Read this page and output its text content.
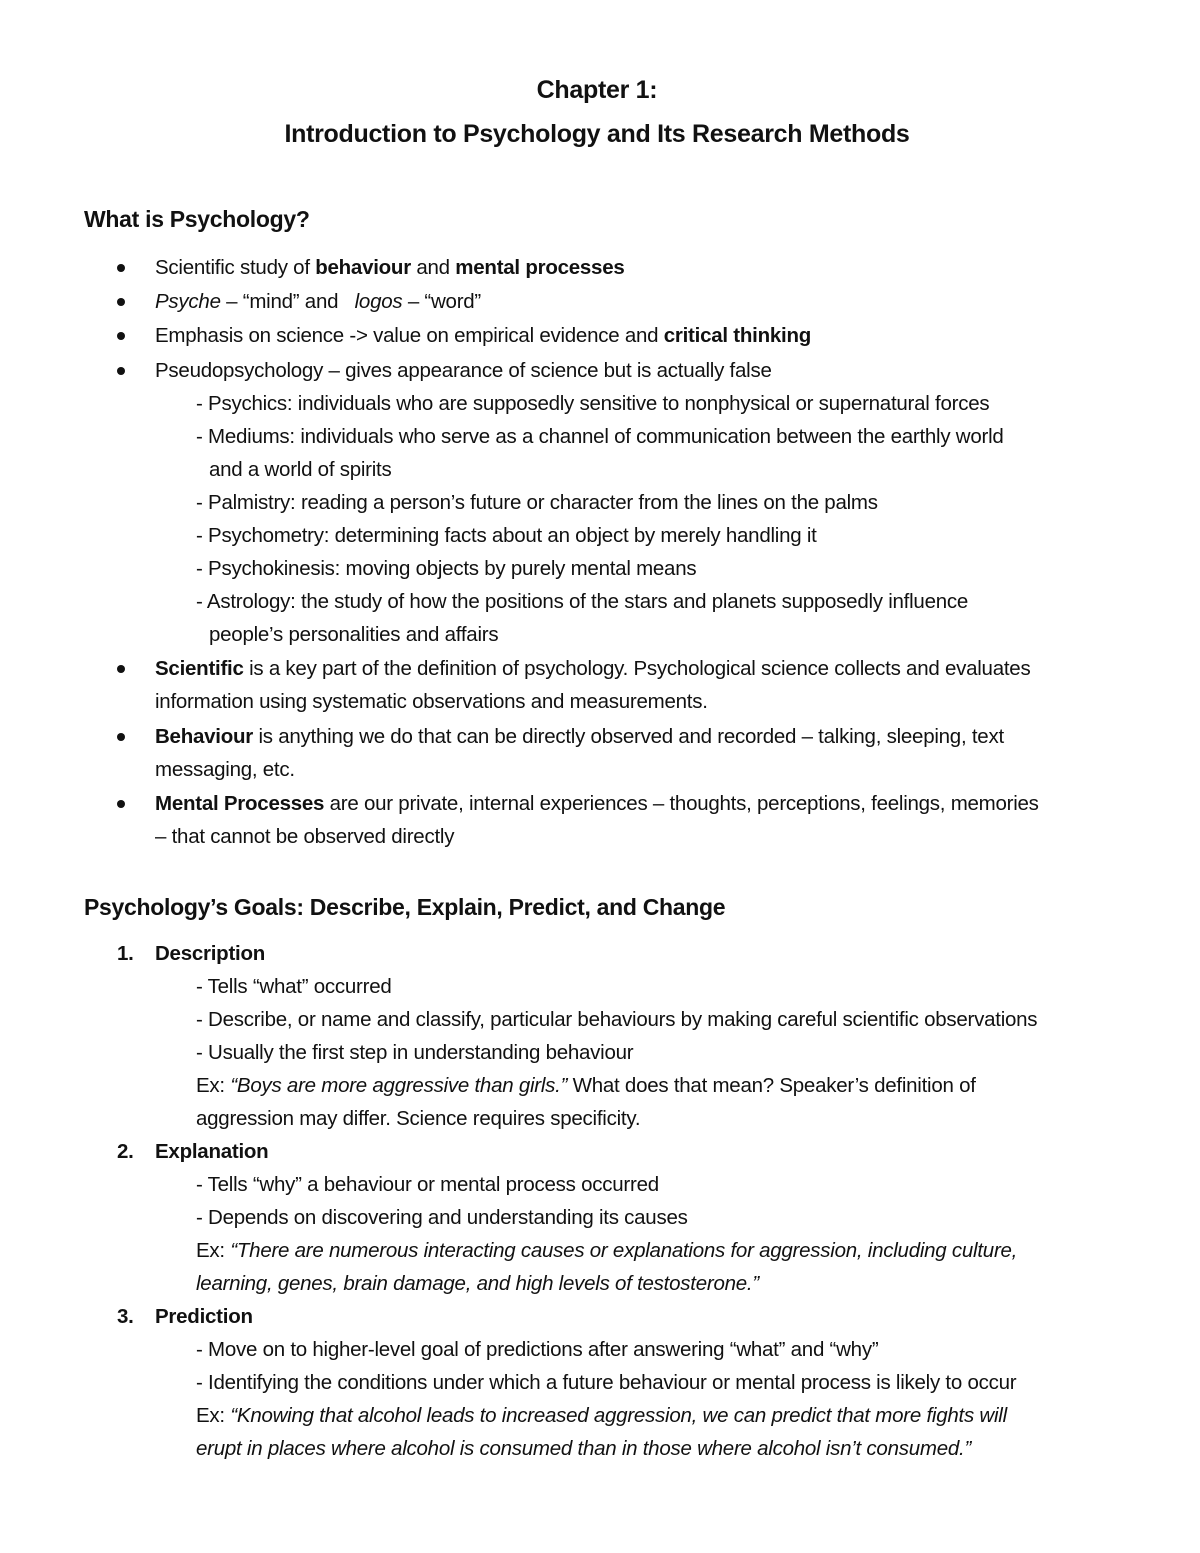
Chapter 1:
Introduction to Psychology and Its Research Methods
What is Psychology?
Scientific study of behaviour and mental processes
Psyche – “mind” and   logos – “word”
Emphasis on science -> value on empirical evidence and critical thinking
Pseudopsychology – gives appearance of science but is actually false
- Psychics: individuals who are supposedly sensitive to nonphysical or supernatural forces
- Mediums: individuals who serve as a channel of communication between the earthly world
and a world of spirits
- Palmistry: reading a person’s future or character from the lines on the palms
- Psychometry: determining facts about an object by merely handling it
- Psychokinesis: moving objects by purely mental means
- Astrology: the study of how the positions of the stars and planets supposedly influence
people’s personalities and affairs
Scientific is a key part of the definition of psychology. Psychological science collects and evaluates
information using systematic observations and measurements.
Behaviour is anything we do that can be directly observed and recorded – talking, sleeping, text
messaging, etc.
Mental Processes are our private, internal experiences – thoughts, perceptions, feelings, memories
– that cannot be observed directly
Psychology’s Goals: Describe, Explain, Predict, and Change
1. Description
- Tells “what” occurred
- Describe, or name and classify, particular behaviours by making careful scientific observations
- Usually the first step in understanding behaviour
Ex: “Boys are more aggressive than girls.” What does that mean? Speaker’s definition of
aggression may differ. Science requires specificity.
2. Explanation
- Tells “why” a behaviour or mental process occurred
- Depends on discovering and understanding its causes
Ex: “There are numerous interacting causes or explanations for aggression, including culture,
learning, genes, brain damage, and high levels of testosterone.”
3. Prediction
- Move on to higher-level goal of predictions after answering “what” and “why”
- Identifying the conditions under which a future behaviour or mental process is likely to occur
Ex: “Knowing that alcohol leads to increased aggression, we can predict that more fights will
erupt in places where alcohol is consumed than in those where alcohol isn’t consumed.”
